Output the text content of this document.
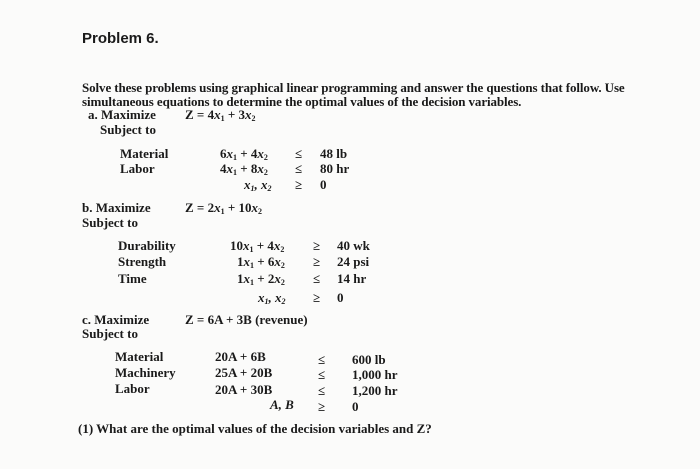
Problem 6.
Solve these problems using graphical linear programming and answer the questions that follow. Use
simultaneous equations to determine the optimal values of the decision variables.
a. Maximize $Z = 4x_1 + 3x_2$
Subject to
Material	$6x_1 + 4x_2 \le 48$ lb
Labor	$4x_1 + 8x_2 \le 80$ hr
$x_1$, $x_2 \ge 0$
b. Maximize	$Z = 2x_1 + 10x_2$
Subject to
Durability	$10x_1 + 4x_2 \ge 40$ wk
Strength	$1x_1 + 6x_2 \ge 24$ psi
Time	$1x_1 + 2x_2 \le 14$ hr
$x_1$, $x_2 \ge 0$
c. Maximize	Z = 6A + 3B (revenue)
Subject to
Material	20A + 6B	≤ 600 lb
Machinery	25A + 20B	≤ 1,000 hr
Labor	20A + 30B	≤ 1,200 hr
A, B ≥ 0
(1) What are the optimal values of the decision variables and Z?
